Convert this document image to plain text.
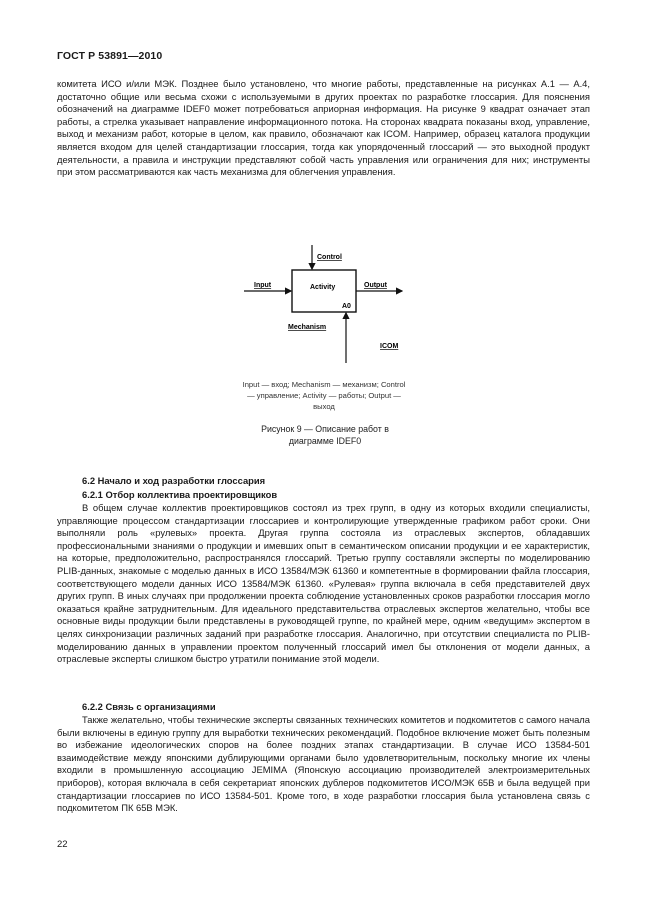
ГОСТ Р 53891—2010

комитета ИСО и/или МЭК. Позднее было установлено, что многие работы, представленные на рисунках А.1 — А.4, достаточно общие или весьма схожи с используемыми в других проектах по разработке глоссария. Для пояснения обозначений на диаграмме IDEF0 может потребоваться априорная информация. На рисунке 9 квадрат означает этап работы, а стрелка указывает направление информационного потока. На сторонах квадрата показаны вход, управление, выход и механизм работ, которые в целом, как правило, обозначают как ICOM. Например, образец каталога продукции является входом для целей стандартизации глоссария, тогда как упорядоченный глоссарий — это выходной продукт деятельности, а правила и инструкции представляют собой часть управления или ограничения для них; инструменты при этом рассматриваются как часть механизма для облегчения управления.

Control
Input	Output
Activity
A0
Mechanism
ICOM
Input — вход; Mechanism — механизм; Control — управление; Activity — работы; Output — выход
Рисунок 9 — Описание работ в диаграмме IDEF0

6.2 Начало и ход разработки глоссария

6.2.1 Отбор коллектива проектировщиков

В общем случае коллектив проектировщиков состоял из трех групп, в одну из которых входили специалисты, управляющие процессом стандартизации глоссариев и контролирующие утвержденные графиком работ сроки. Они выполняли роль «рулевых» проекта. Другая группа состояла из отраслевых экспертов, обладавших профессиональными знаниями о продукции и имевших опыт в семантическом описании продукции и ее характеристик, на которые, предположительно, распространялся глоссарий. Третью группу составляли эксперты по моделированию PLIB-данных, знакомые с моделью данных в ИСО 13584/МЭК 61360 и компетентные в формировании файла глоссария, соответствующего модели данных ИСО 13584/МЭК 61360. «Рулевая» группа включала в себя представителей двух других групп. В иных случаях при продолжении проекта соблюдение установленных сроков разработки глоссария могло оказаться крайне затруднительным. Для идеального представительства отраслевых экспертов желательно, чтобы все основные виды продукции были представлены в руководящей группе, по крайней мере, одним «ведущим» экспертом в целях синхронизации различных заданий при разработке глоссария. Аналогично, при отсутствии специалиста по PLIB-моделированию данных в управлении проектом полученный глоссарий имел бы отклонения от модели данных, а отраслевые эксперты слишком быстро утратили понимание этой модели.

6.2.2 Связь с организациями

Также желательно, чтобы технические эксперты связанных технических комитетов и подкомитетов с самого начала были включены в единую группу для выработки технических рекомендаций. Подобное включение может быть полезным во избежание идеологических споров на более поздних этапах стандартизации. В случае ИСО 13584-501 взаимодействие между японскими дублирующими органами было удовлетворительным, поскольку многие их члены входили в промышленную ассоциацию JEMIMA (Японскую ассоциацию производителей электроизмерительных приборов), которая включала в себя секретариат японских дублеров подкомитетов ИСО/МЭК 65В и была ведущей при стандартизации глоссариев по ИСО 13584-501. Кроме того, в ходе разработки глоссария была установлена связь с подкомитетом ПК 65В МЭК.

22
